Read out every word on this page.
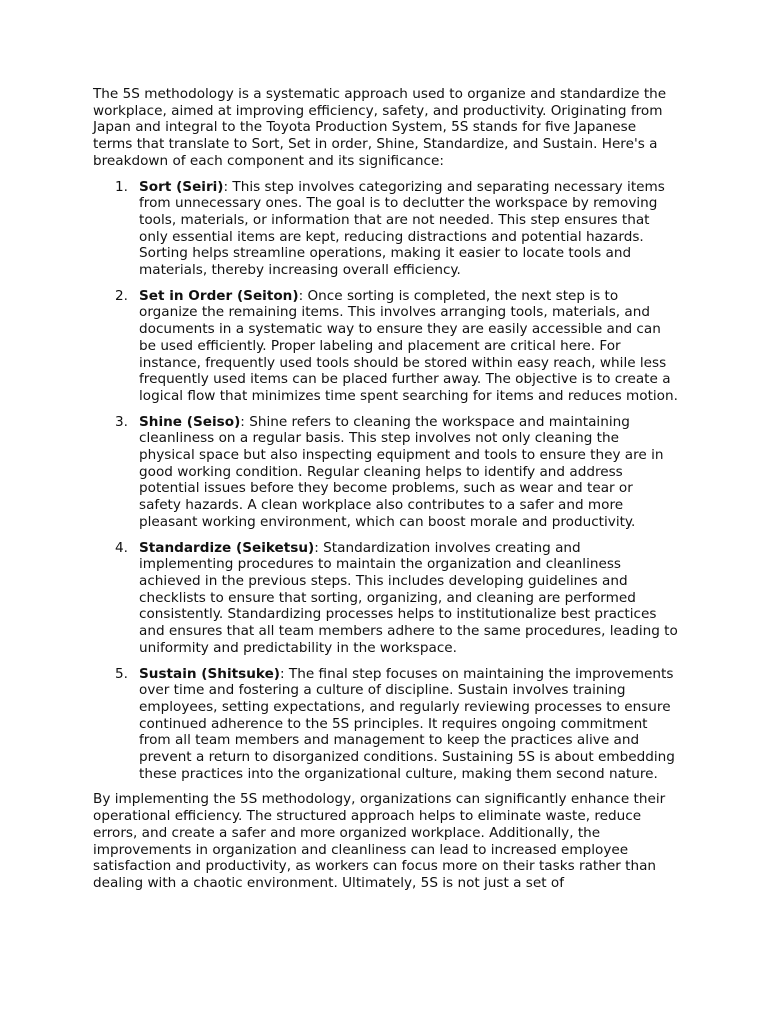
The 5S methodology is a systematic approach used to organize and standardize the workplace, aimed at improving efficiency, safety, and productivity. Originating from Japan and integral to the Toyota Production System, 5S stands for five Japanese terms that translate to Sort, Set in order, Shine, Standardize, and Sustain. Here's a breakdown of each component and its significance:

1. Sort (Seiri): This step involves categorizing and separating necessary items from unnecessary ones. The goal is to declutter the workspace by removing tools, materials, or information that are not needed. This step ensures that only essential items are kept, reducing distractions and potential hazards. Sorting helps streamline operations, making it easier to locate tools and materials, thereby increasing overall efficiency.
2. Set in Order (Seiton): Once sorting is completed, the next step is to organize the remaining items. This involves arranging tools, materials, and documents in a systematic way to ensure they are easily accessible and can be used efficiently. Proper labeling and placement are critical here. For instance, frequently used tools should be stored within easy reach, while less frequently used items can be placed further away. The objective is to create a logical flow that minimizes time spent searching for items and reduces motion.
3. Shine (Seiso): Shine refers to cleaning the workspace and maintaining cleanliness on a regular basis. This step involves not only cleaning the physical space but also inspecting equipment and tools to ensure they are in good working condition. Regular cleaning helps to identify and address potential issues before they become problems, such as wear and tear or safety hazards. A clean workplace also contributes to a safer and more pleasant working environment, which can boost morale and productivity.
4. Standardize (Seiketsu): Standardization involves creating and implementing procedures to maintain the organization and cleanliness achieved in the previous steps. This includes developing guidelines and checklists to ensure that sorting, organizing, and cleaning are performed consistently. Standardizing processes helps to institutionalize best practices and ensures that all team members adhere to the same procedures, leading to uniformity and predictability in the workspace.
5. Sustain (Shitsuke): The final step focuses on maintaining the improvements over time and fostering a culture of discipline. Sustain involves training employees, setting expectations, and regularly reviewing processes to ensure continued adherence to the 5S principles. It requires ongoing commitment from all team members and management to keep the practices alive and prevent a return to disorganized conditions. Sustaining 5S is about embedding these practices into the organizational culture, making them second nature.

By implementing the 5S methodology, organizations can significantly enhance their operational efficiency. The structured approach helps to eliminate waste, reduce errors, and create a safer and more organized workplace. Additionally, the improvements in organization and cleanliness can lead to increased employee satisfaction and productivity, as workers can focus more on their tasks rather than dealing with a chaotic environment. Ultimately, 5S is not just a set of
